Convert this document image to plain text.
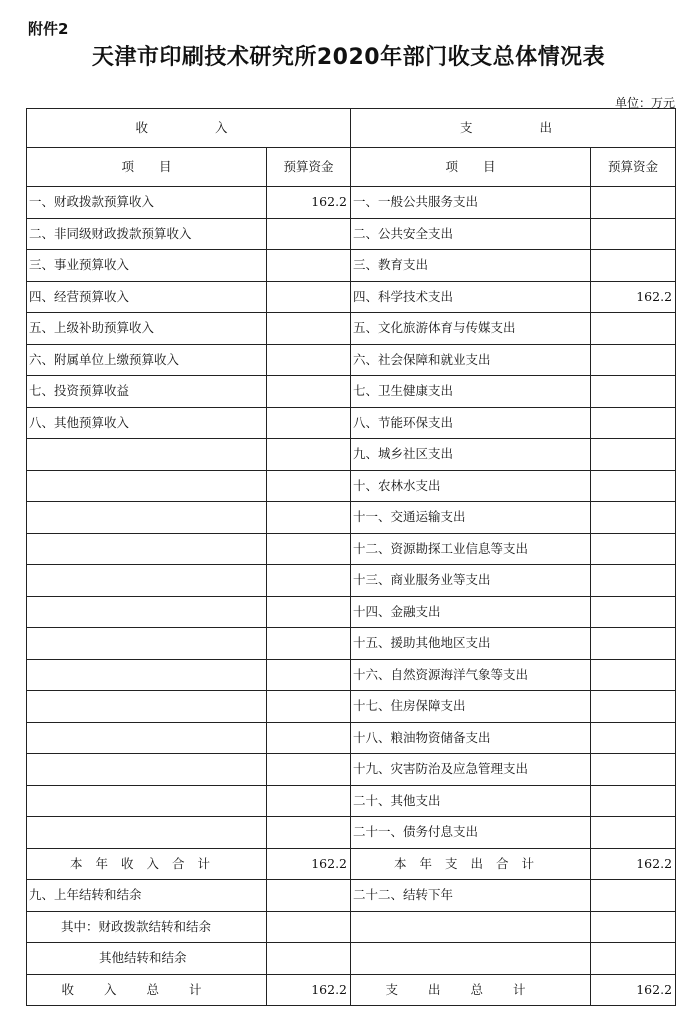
附件2
天津市印刷技术研究所2020年部门收支总体情况表
单位：万元
收　　入		支　　出	
项　　目	预算资金	项　　目	预算资金
一、财政拨款预算收入	162.2	一、一般公共服务支出	
二、非同级财政拨款预算收入		二、公共安全支出	
三、事业预算收入		三、教育支出	
四、经营预算收入		四、科学技术支出	162.2
五、上级补助预算收入		五、文化旅游体育与传媒支出	
六、附属单位上缴预算收入		六、社会保障和就业支出	
七、投资预算收益		七、卫生健康支出	
八、其他预算收入		八、节能环保支出	
		九、城乡社区支出	
		十、农林水支出	
		十一、交通运输支出	
		十二、资源勘探工业信息等支出	
		十三、商业服务业等支出	
		十四、金融支出	
		十五、援助其他地区支出	
		十六、自然资源海洋气象等支出	
		十七、住房保障支出	
		十八、粮油物资储备支出	
		十九、灾害防治及应急管理支出	
		二十、其他支出	
		二十一、债务付息支出	
本年收入合计	162.2	本年支出合计	162.2
九、上年结转和结余		二十二、结转下年	
其中：财政拨款结转和结余			
其他结转和结余			
收入总计	162.2	支出总计	162.2
